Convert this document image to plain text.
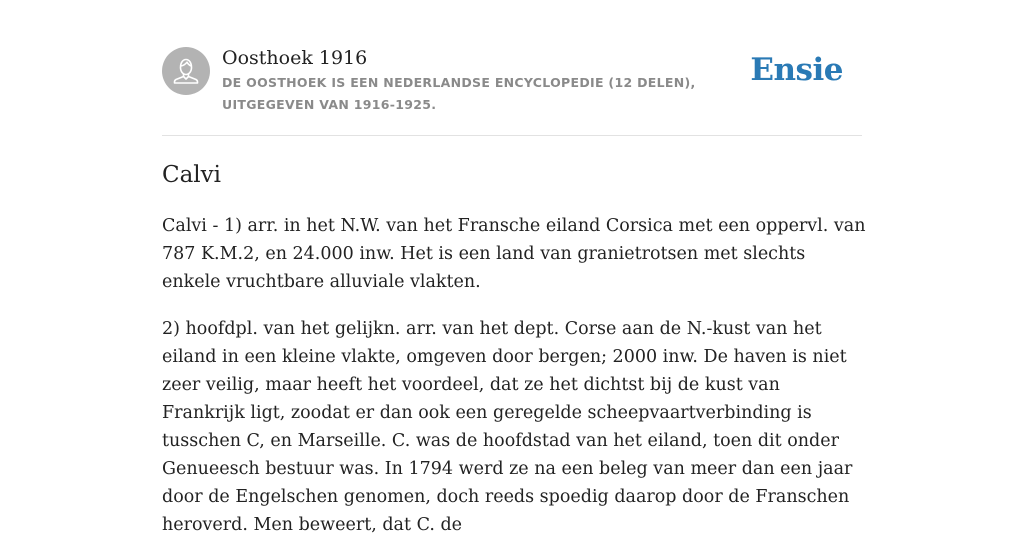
Oosthoek 1916
DE OOSTHOEK IS EEN NEDERLANDSE ENCYCLOPEDIE (12 DELEN), UITGEGEVEN VAN 1916-1925.
Ensie
Calvi

Calvi - 1) arr. in het N.W. van het Fransche eiland Corsica met een oppervl. van 787 K.M.2, en 24.000 inw. Het is een land van granietrotsen met slechts enkele vruchtbare alluviale vlakten.

2) hoofdpl. van het gelijkn. arr. van het dept. Corse aan de N.-kust van het eiland in een kleine vlakte, omgeven door bergen; 2000 inw. De haven is niet zeer veilig, maar heeft het voordeel, dat ze het dichtst bij de kust van Frankrijk ligt, zoodat er dan ook een geregelde scheepvaartverbinding is tusschen C, en Marseille. C. was de hoofdstad van het eiland, toen dit onder Genueesch bestuur was. In 1794 werd ze na een beleg van meer dan een jaar door de Engelschen genomen, doch reeds spoedig daarop door de Franschen heroverd. Men beweert, dat C. de
